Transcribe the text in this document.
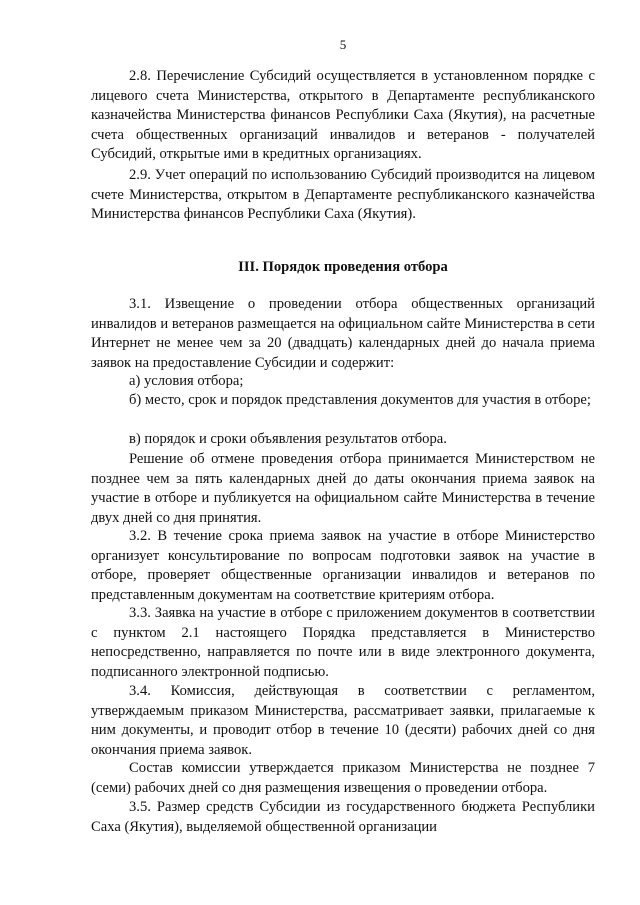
5

2.8. Перечисление Субсидий осуществляется в установленном порядке с лицевого счета Министерства, открытого в Департаменте республиканского казначейства Министерства финансов Республики Саха (Якутия), на расчетные счета общественных организаций инвалидов и ветеранов - получателей Субсидий, открытые ими в кредитных организациях.

2.9. Учет операций по использованию Субсидий производится на лицевом счете Министерства, открытом в Департаменте республиканского казначейства Министерства финансов Республики Саха (Якутия).

III. Порядок проведения отбора

3.1. Извещение о проведении отбора общественных организаций инвалидов и ветеранов размещается на официальном сайте Министерства в сети Интернет не менее чем за 20 (двадцать) календарных дней до начала приема заявок на предоставление Субсидии и содержит:

а) условия отбора;

б) место, срок и порядок представления документов для участия в отборе;

в) порядок и сроки объявления результатов отбора.

Решение об отмене проведения отбора принимается Министерством не позднее чем за пять календарных дней до даты окончания приема заявок на участие в отборе и публикуется на официальном сайте Министерства в течение двух дней со дня принятия.

3.2. В течение срока приема заявок на участие в отборе Министерство организует консультирование по вопросам подготовки заявок на участие в отборе, проверяет общественные организации инвалидов и ветеранов по представленным документам на соответствие критериям отбора.

3.3. Заявка на участие в отборе с приложением документов в соответствии с пунктом 2.1 настоящего Порядка представляется в Министерство непосредственно, направляется по почте или в виде электронного документа, подписанного электронной подписью.

3.4. Комиссия, действующая в соответствии с регламентом, утверждаемым приказом Министерства, рассматривает заявки, прилагаемые к ним документы, и проводит отбор в течение 10 (десяти) рабочих дней со дня окончания приема заявок.

Состав комиссии утверждается приказом Министерства не позднее 7 (семи) рабочих дней со дня размещения извещения о проведении отбора.

3.5. Размер средств Субсидии из государственного бюджета Республики Саха (Якутия), выделяемой общественной организации
